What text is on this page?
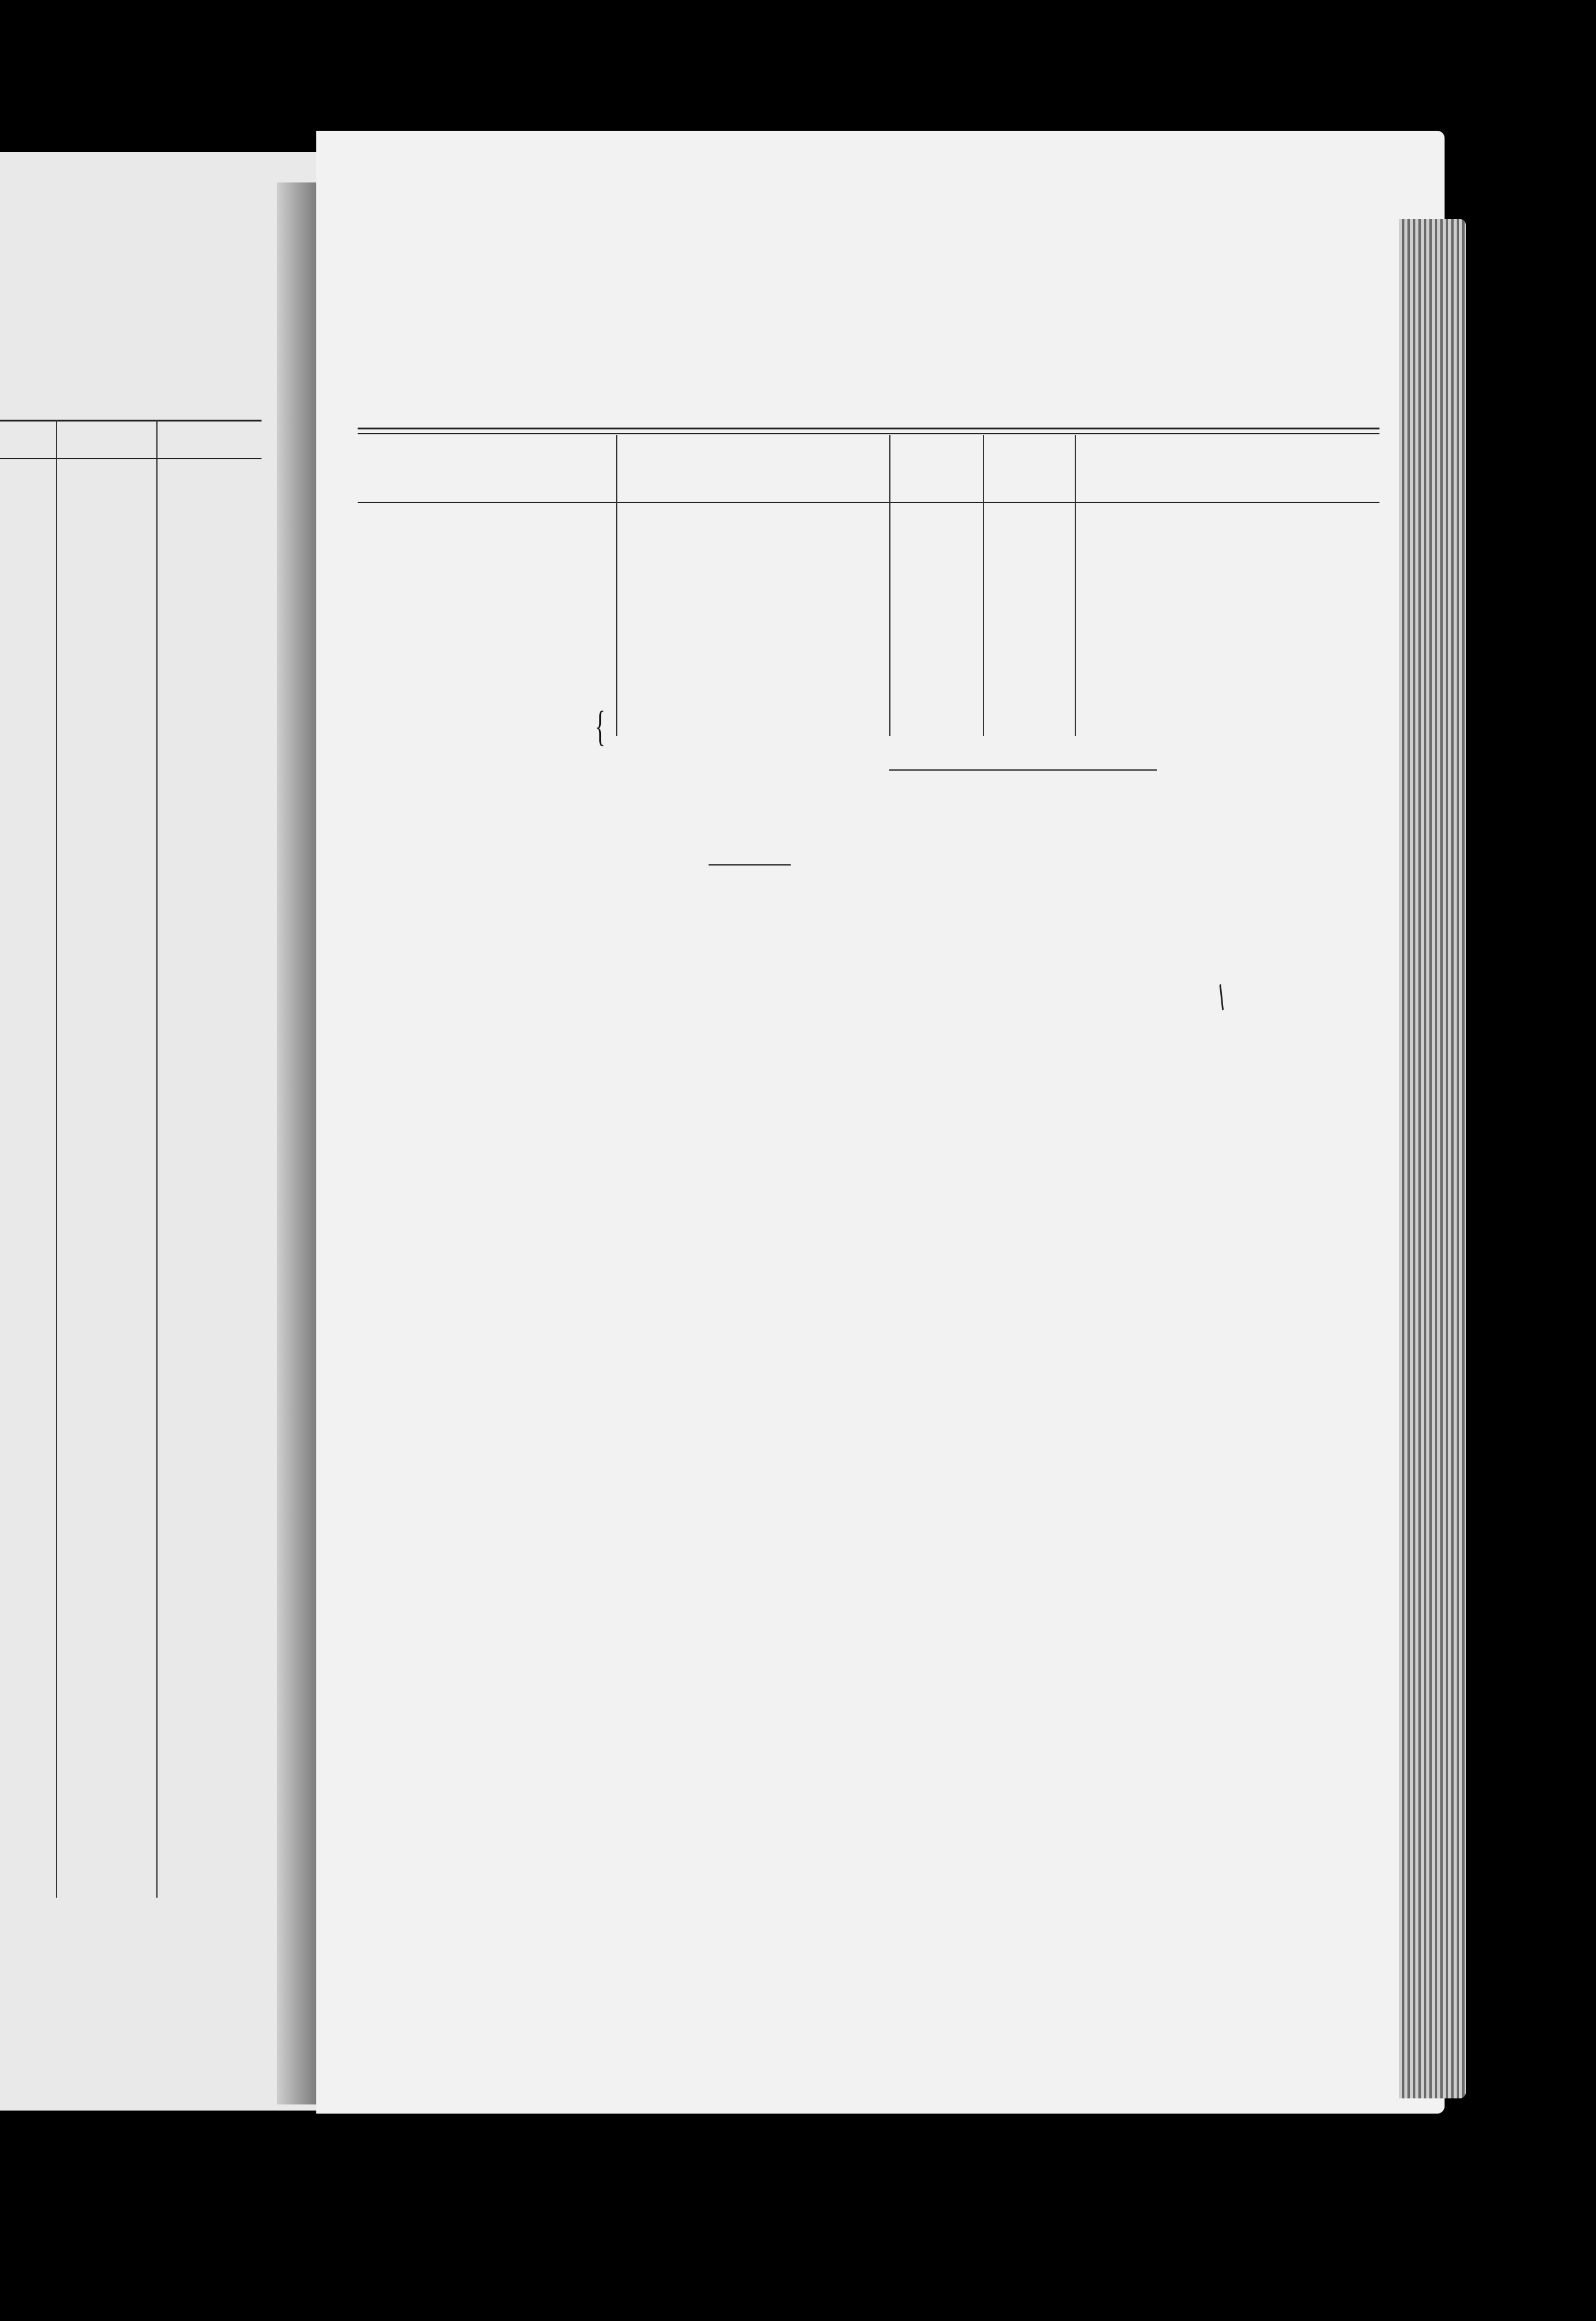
{
/
